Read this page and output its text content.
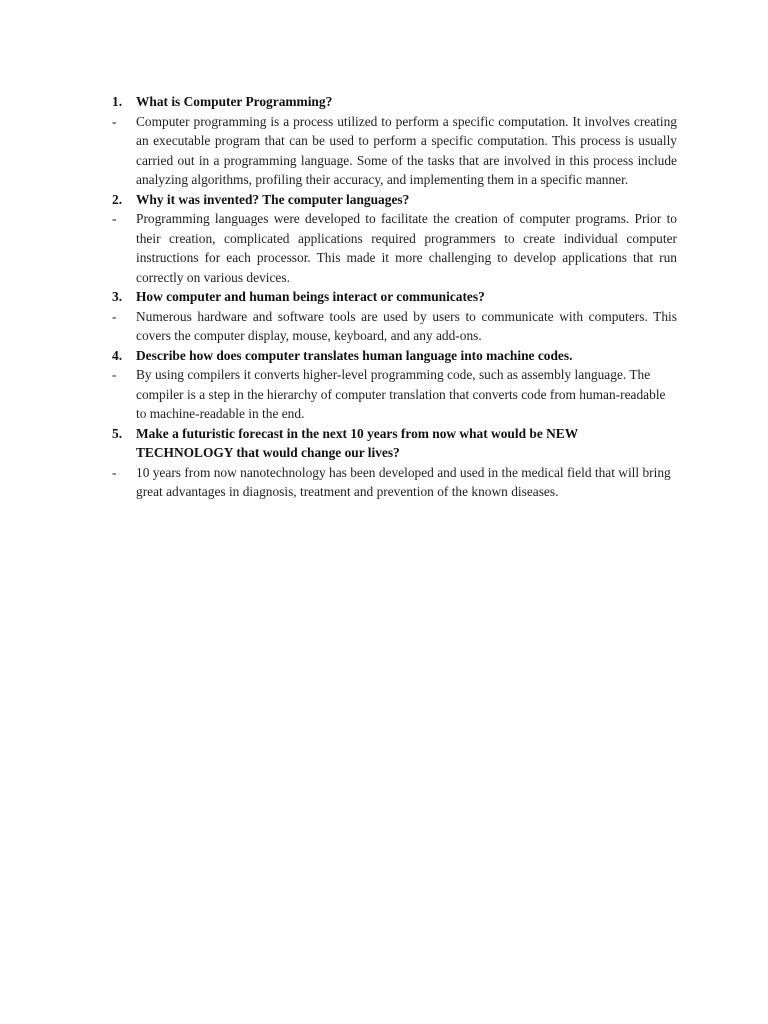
1.	What is Computer Programming?
-	Computer programming is a process utilized to perform a specific computation. It involves creating an executable program that can be used to perform a specific computation. This process is usually carried out in a programming language. Some of the tasks that are involved in this process include analyzing algorithms, profiling their accuracy, and implementing them in a specific manner.
2.	Why it was invented? The computer languages?
-	Programming languages were developed to facilitate the creation of computer programs. Prior to their creation, complicated applications required programmers to create individual computer instructions for each processor. This made it more challenging to develop applications that run correctly on various devices.
3.	How computer and human beings interact or communicates?
-	Numerous hardware and software tools are used by users to communicate with computers. This covers the computer display, mouse, keyboard, and any add-ons.
4.	Describe how does computer translates human language into machine codes.
-	By using compilers it converts higher-level programming code, such as assembly language. The compiler is a step in the hierarchy of computer translation that converts code from human-readable to machine-readable in the end.
5.	Make a futuristic forecast in the next 10 years from now what would be NEW TECHNOLOGY that would change our lives?
-	10 years from now nanotechnology has been developed and used in the medical field that will bring great advantages in diagnosis, treatment and prevention of the known diseases.
